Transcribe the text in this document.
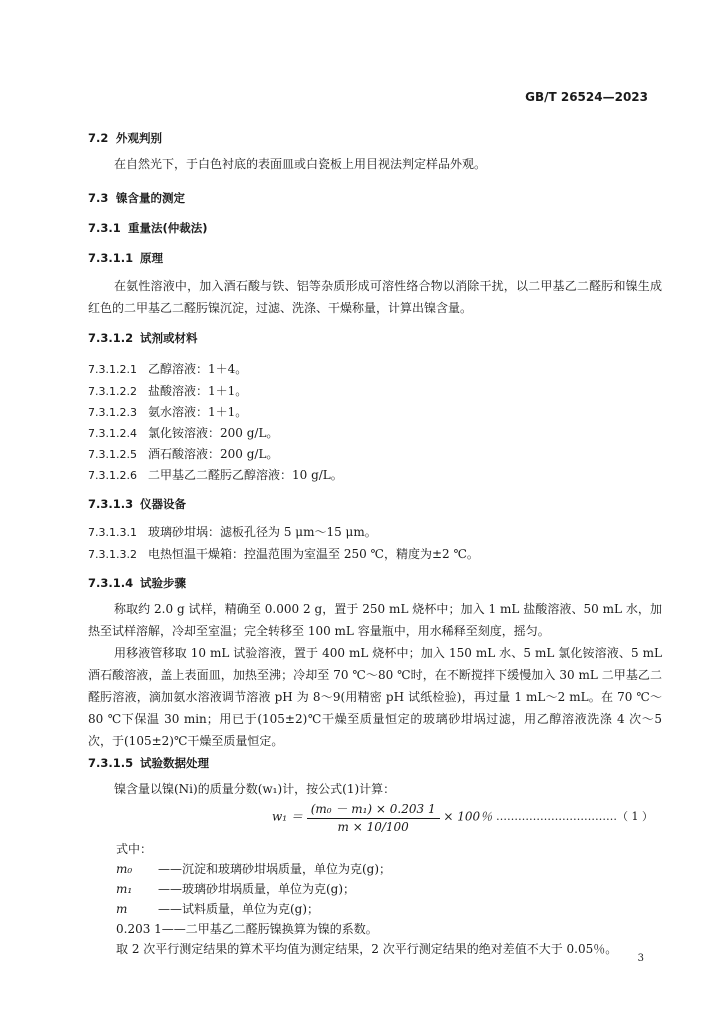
GB/T 26524—2023
7.2 外观判别
在自然光下，于白色衬底的表面皿或白瓷板上用目视法判定样品外观。
7.3 镍含量的测定
7.3.1 重量法(仲裁法)
7.3.1.1 原理
在氨性溶液中，加入酒石酸与铁、铝等杂质形成可溶性络合物以消除干扰，以二甲基乙二醛肟和镍生成红色的二甲基乙二醛肟镍沉淀，过滤、洗涤、干燥称量，计算出镍含量。
7.3.1.2 试剂或材料
7.3.1.2.1 乙醇溶液：1＋4。
7.3.1.2.2 盐酸溶液：1＋1。
7.3.1.2.3 氨水溶液：1＋1。
7.3.1.2.4 氯化铵溶液：200 g/L。
7.3.1.2.5 酒石酸溶液：200 g/L。
7.3.1.2.6 二甲基乙二醛肟乙醇溶液：10 g/L。
7.3.1.3 仪器设备
7.3.1.3.1 玻璃砂坩埚：滤板孔径为 5 μm～15 μm。
7.3.1.3.2 电热恒温干燥箱：控温范围为室温至 250 ℃，精度为±2 ℃。
7.3.1.4 试验步骤
称取约 2.0 g 试样，精确至 0.000 2 g，置于 250 mL 烧杯中；加入 1 mL 盐酸溶液、50 mL 水，加热至试样溶解，冷却至室温；完全转移至 100 mL 容量瓶中，用水稀释至刻度，摇匀。
用移液管移取 10 mL 试验溶液，置于 400 mL 烧杯中；加入 150 mL 水、5 mL 氯化铵溶液、5 mL 酒石酸溶液，盖上表面皿，加热至沸；冷却至 70 ℃～80 ℃时，在不断搅拌下缓慢加入 30 mL 二甲基乙二醛肟溶液，滴加氨水溶液调节溶液 pH 为 8～9(用精密 pH 试纸检验)，再过量 1 mL～2 mL。在 70 ℃～80 ℃下保温 30 min；用已于(105±2)℃干燥至质量恒定的玻璃砂坩埚过滤，用乙醇溶液洗涤 4 次～5 次，于(105±2)℃干燥至质量恒定。
7.3.1.5 试验数据处理
镍含量以镍(Ni)的质量分数(w₁)计，按公式(1)计算：
$w_1 = \frac{\text{(m₀ － m₁) × 0.203 1}}{m \times 10/100} \times 100$％ ……………………………（ 1 ）
式中：
m₀ ——沉淀和玻璃砂坩埚质量，单位为克(g)；
m₁ ——玻璃砂坩埚质量，单位为克(g)；
m	——试料质量，单位为克(g)；
0.203 1——二甲基乙二醛肟镍换算为镍的系数。
取 2 次平行测定结果的算术平均值为测定结果，2 次平行测定结果的绝对差值不大于 0.05％。
3
